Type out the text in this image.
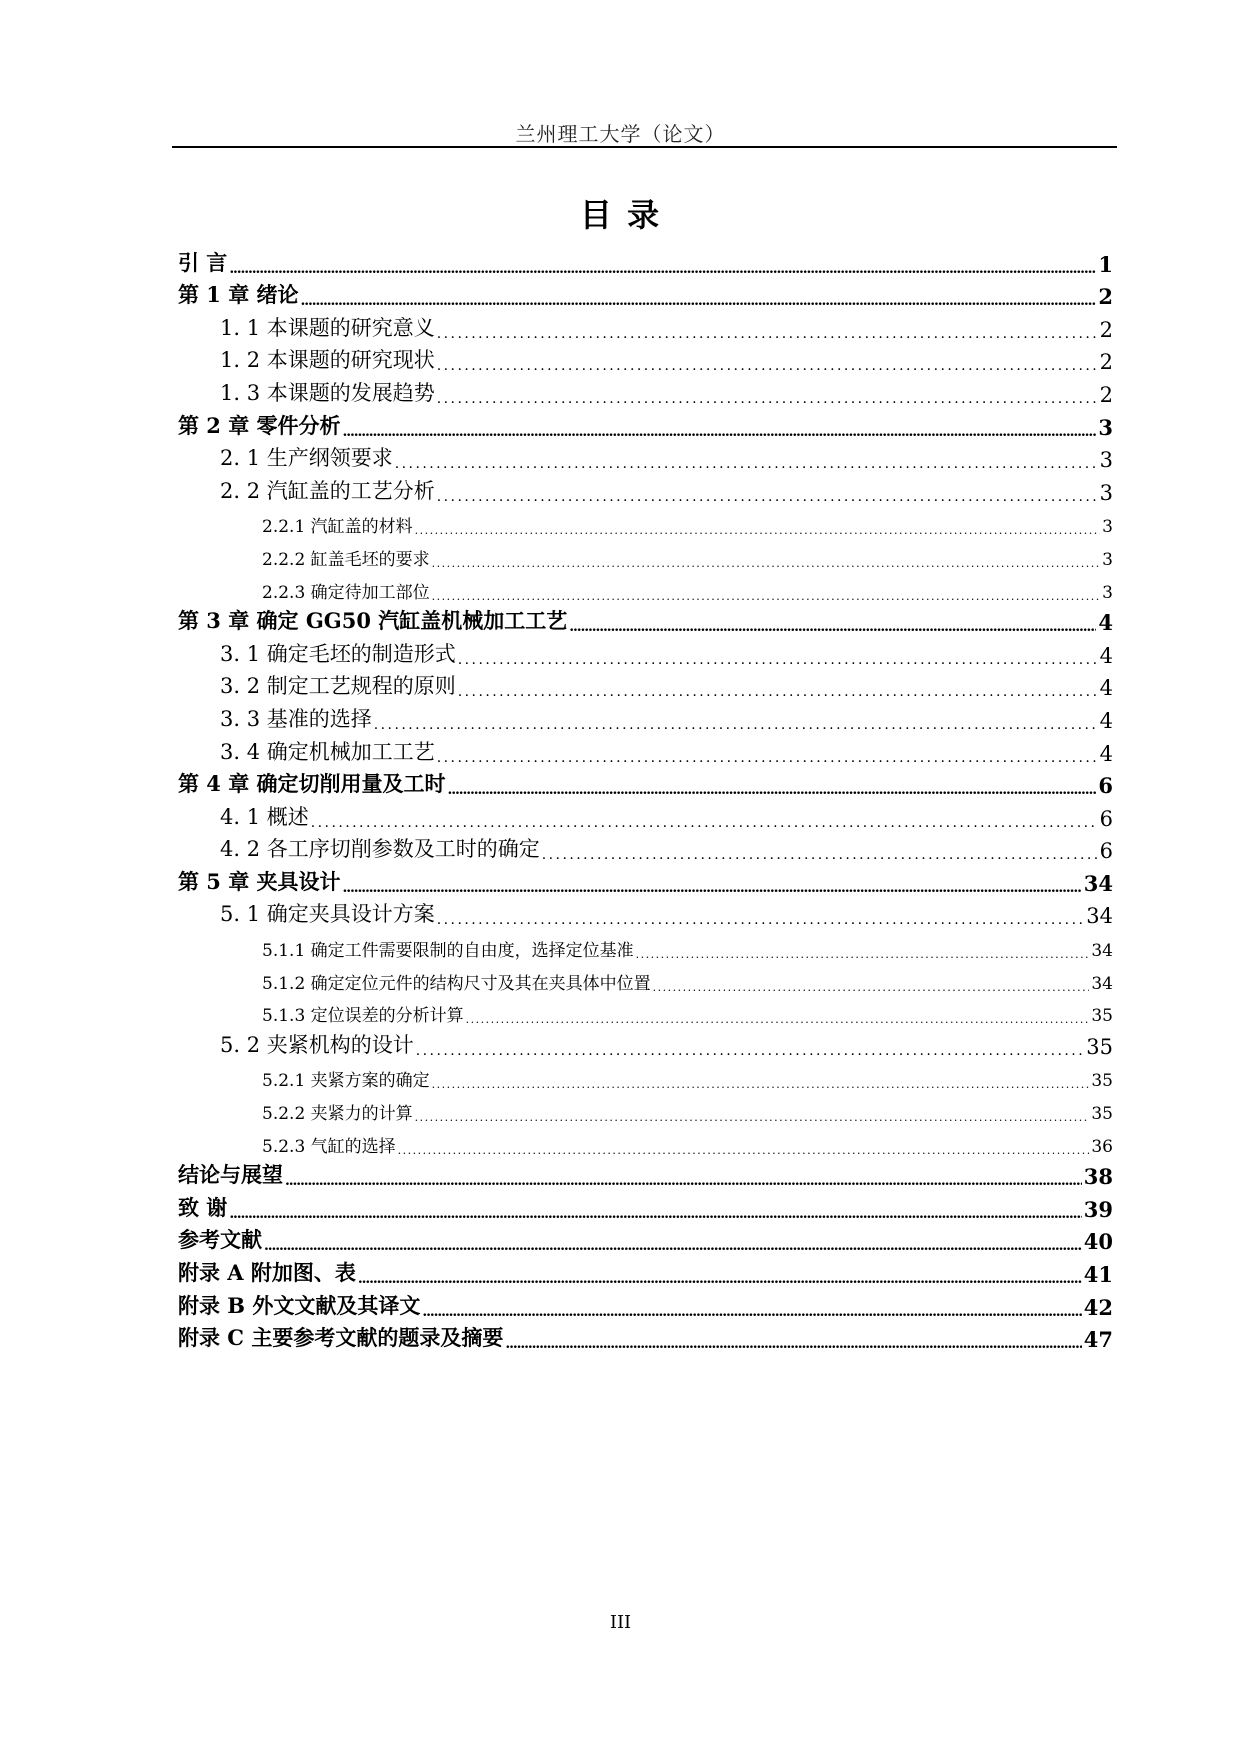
兰州理工大学（论文）
目 录
引 言 . . .	1
第 1 章 绪论 . . .	2
1. 1 本课题的研究意义 . . .	2
1. 2 本课题的研究现状 . . .	2
1. 3 本课题的发展趋势 . . .	2
第 2 章 零件分析 . . .	3
2. 1 生产纲领要求 . . .	3
2. 2 汽缸盖的工艺分析 . . .	3
2.2.1 汽缸盖的材料 . . .	3
2.2.2 缸盖毛坯的要求 . . .	3
2.2.3 确定待加工部位 . . .	3
第 3 章 确定 GG50 汽缸盖机械加工工艺 . . .	4
3. 1 确定毛坯的制造形式 . . .	4
3. 2 制定工艺规程的原则 . . .	4
3. 3 基准的选择 . . .	4
3. 4 确定机械加工工艺 . . .	4
第 4 章 确定切削用量及工时 . . .	6
4. 1 概述 . . .	6
4. 2 各工序切削参数及工时的确定 . . .	6
第 5 章 夹具设计 . . .	34
5. 1 确定夹具设计方案 . . .	34
5.1.1 确定工件需要限制的自由度，选择定位基准 . . .	34
5.1.2 确定定位元件的结构尺寸及其在夹具体中位置 . . .	34
5.1.3 定位误差的分析计算 . . .	35
5. 2 夹紧机构的设计 . . .	35
5.2.1 夹紧方案的确定 . . .	35
5.2.2 夹紧力的计算 . . .	35
5.2.3 气缸的选择 . . .	36
结论与展望 . . .	38
致 谢 . . .	39
参考文献 . . .	40
附录 A 附加图、表 . . .	41
附录 B 外文文献及其译文 . . .	42
附录 C 主要参考文献的题录及摘要 . . .	47
III
